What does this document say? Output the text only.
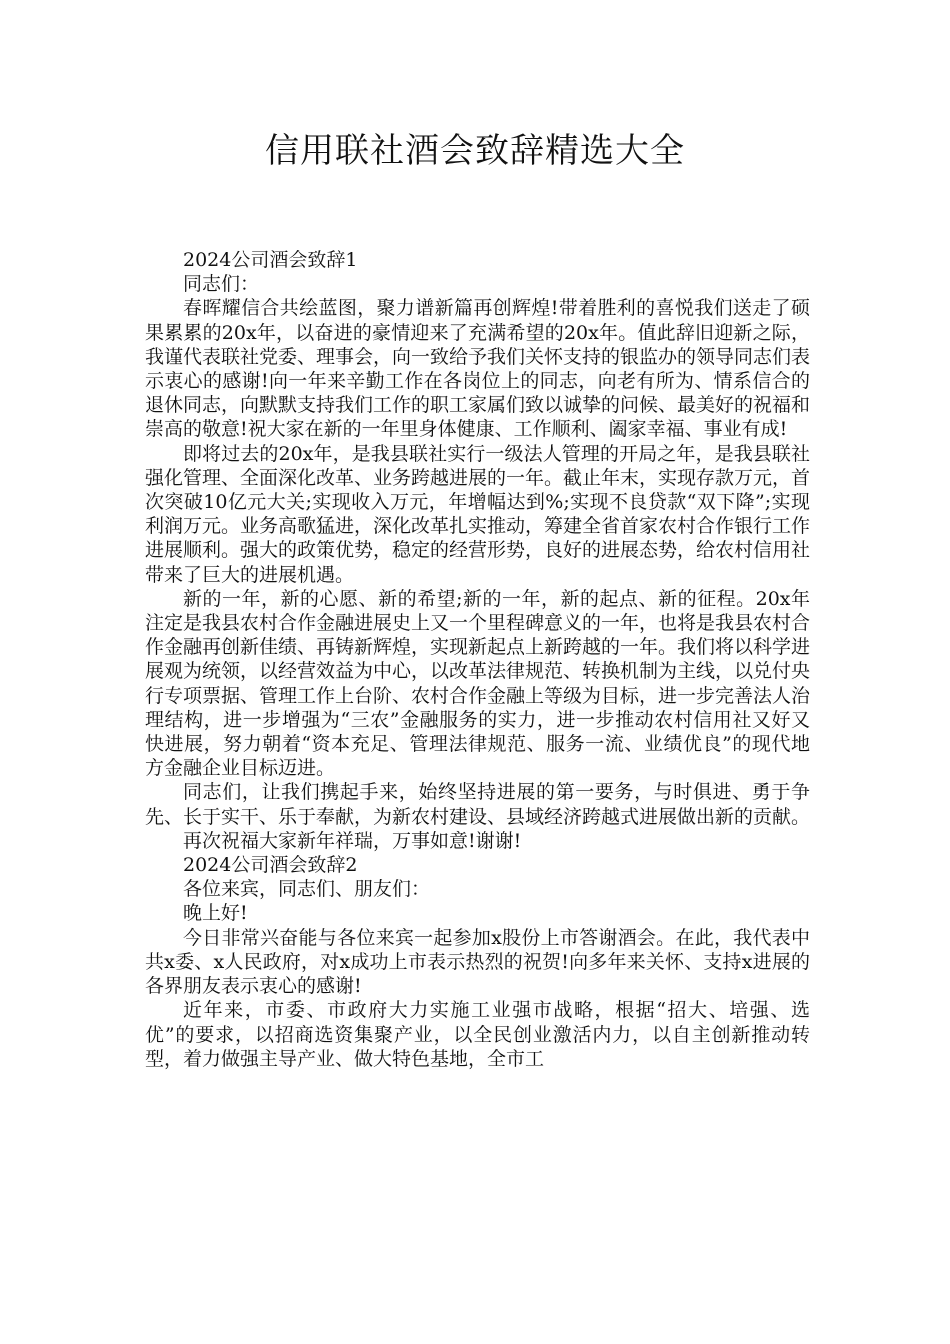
信用联社酒会致辞精选大全

2024公司酒会致辞1

同志们：

春晖耀信合共绘蓝图，聚力谱新篇再创辉煌!带着胜利的喜悦我们送走了硕果累累的20x年，以奋进的豪情迎来了充满希望的20x年。值此辞旧迎新之际，我谨代表联社党委、理事会，向一致给予我们关怀支持的银监办的领导同志们表示衷心的感谢!向一年来辛勤工作在各岗位上的同志，向老有所为、情系信合的退休同志，向默默支持我们工作的职工家属们致以诚挚的问候、最美好的祝福和崇高的敬意!祝大家在新的一年里身体健康、工作顺利、阖家幸福、事业有成!

即将过去的20x年，是我县联社实行一级法人管理的开局之年，是我县联社强化管理、全面深化改革、业务跨越进展的一年。截止年末，实现存款万元，首次突破10亿元大关;实现收入万元，年增幅达到%;实现不良贷款“双下降”;实现利润万元。业务高歌猛进，深化改革扎实推动，筹建全省首家农村合作银行工作进展顺利。强大的政策优势，稳定的经营形势，良好的进展态势，给农村信用社带来了巨大的进展机遇。

新的一年，新的心愿、新的希望;新的一年，新的起点、新的征程。20x年注定是我县农村合作金融进展史上又一个里程碑意义的一年，也将是我县农村合作金融再创新佳绩、再铸新辉煌，实现新起点上新跨越的一年。我们将以科学进展观为统领，以经营效益为中心，以改革法律规范、转换机制为主线，以兑付央行专项票据、管理工作上台阶、农村合作金融上等级为目标，进一步完善法人治理结构，进一步增强为“三农”金融服务的实力，进一步推动农村信用社又好又快进展，努力朝着“资本充足、管理法律规范、服务一流、业绩优良”的现代地方金融企业目标迈进。

同志们，让我们携起手来，始终坚持进展的第一要务，与时俱进、勇于争先、长于实干、乐于奉献，为新农村建设、县域经济跨越式进展做出新的贡献。

再次祝福大家新年祥瑞，万事如意!谢谢!

2024公司酒会致辞2

各位来宾，同志们、朋友们：

晚上好!

今日非常兴奋能与各位来宾一起参加x股份上市答谢酒会。在此，我代表中共x委、x人民政府，对x成功上市表示热烈的祝贺!向多年来关怀、支持x进展的各界朋友表示衷心的感谢!

近年来，市委、市政府大力实施工业强市战略，根据“招大、培强、选优”的要求，以招商选资集聚产业，以全民创业激活内力，以自主创新推动转型，着力做强主导产业、做大特色基地，全市工
